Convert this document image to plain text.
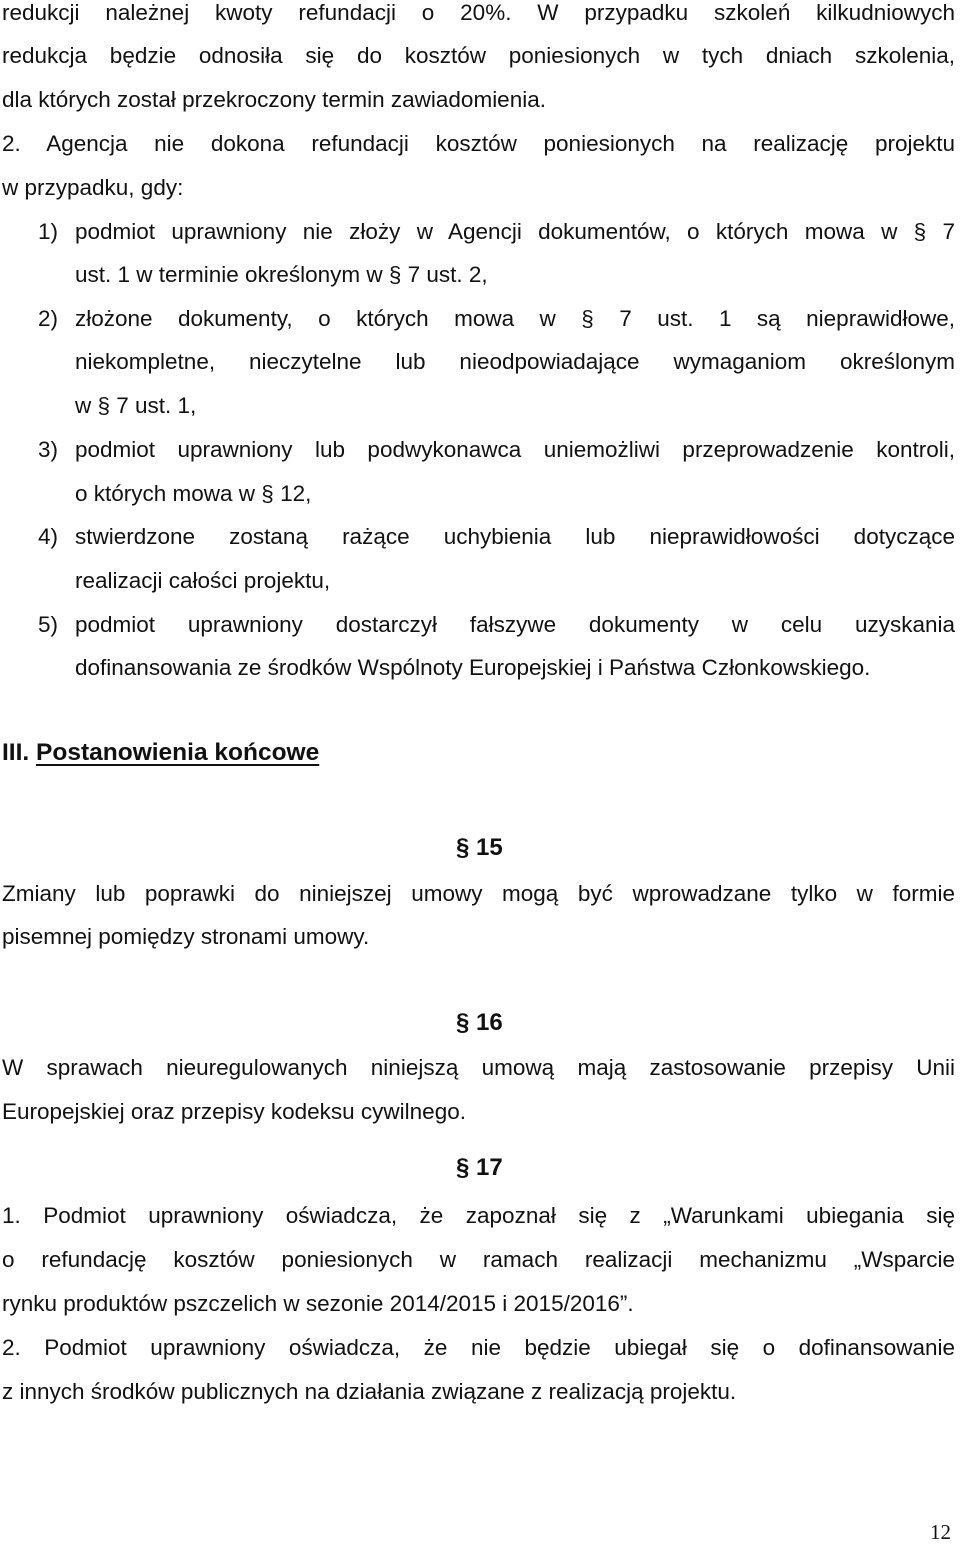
redukcji należnej kwoty refundacji o 20%. W przypadku szkoleń kilkudniowych
redukcja będzie odnosiła się do kosztów poniesionych w tych dniach szkolenia,
dla których został przekroczony termin zawiadomienia.
2. Agencja nie dokona refundacji kosztów poniesionych na realizację projektu
w przypadku, gdy:
1) podmiot uprawniony nie złoży w Agencji dokumentów, o których mowa w § 7
ust. 1 w terminie określonym w § 7 ust. 2,
2) złożone dokumenty, o których mowa w § 7 ust. 1 są nieprawidłowe,
niekompletne, nieczytelne lub nieodpowiadające wymaganiom określonym
w § 7 ust. 1,
3) podmiot uprawniony lub podwykonawca uniemożliwi przeprowadzenie kontroli,
o których mowa w § 12,
4) stwierdzone zostaną rażące uchybienia lub nieprawidłowości dotyczące
realizacji całości projektu,
5) podmiot uprawniony dostarczył fałszywe dokumenty w celu uzyskania
dofinansowania ze środków Wspólnoty Europejskiej i Państwa Członkowskiego.
III. Postanowienia końcowe
§ 15
Zmiany lub poprawki do niniejszej umowy mogą być wprowadzane tylko w formie
pisemnej pomiędzy stronami umowy.
§ 16
W sprawach nieuregulowanych niniejszą umową mają zastosowanie przepisy Unii
Europejskiej oraz przepisy kodeksu cywilnego.
§ 17
1. Podmiot uprawniony oświadcza, że zapoznał się z „Warunkami ubiegania się
o refundację kosztów poniesionych w ramach realizacji mechanizmu „Wsparcie
rynku produktów pszczelich w sezonie 2014/2015 i 2015/2016”.
2. Podmiot uprawniony oświadcza, że nie będzie ubiegał się o dofinansowanie
z innych środków publicznych na działania związane z realizacją projektu.
12
